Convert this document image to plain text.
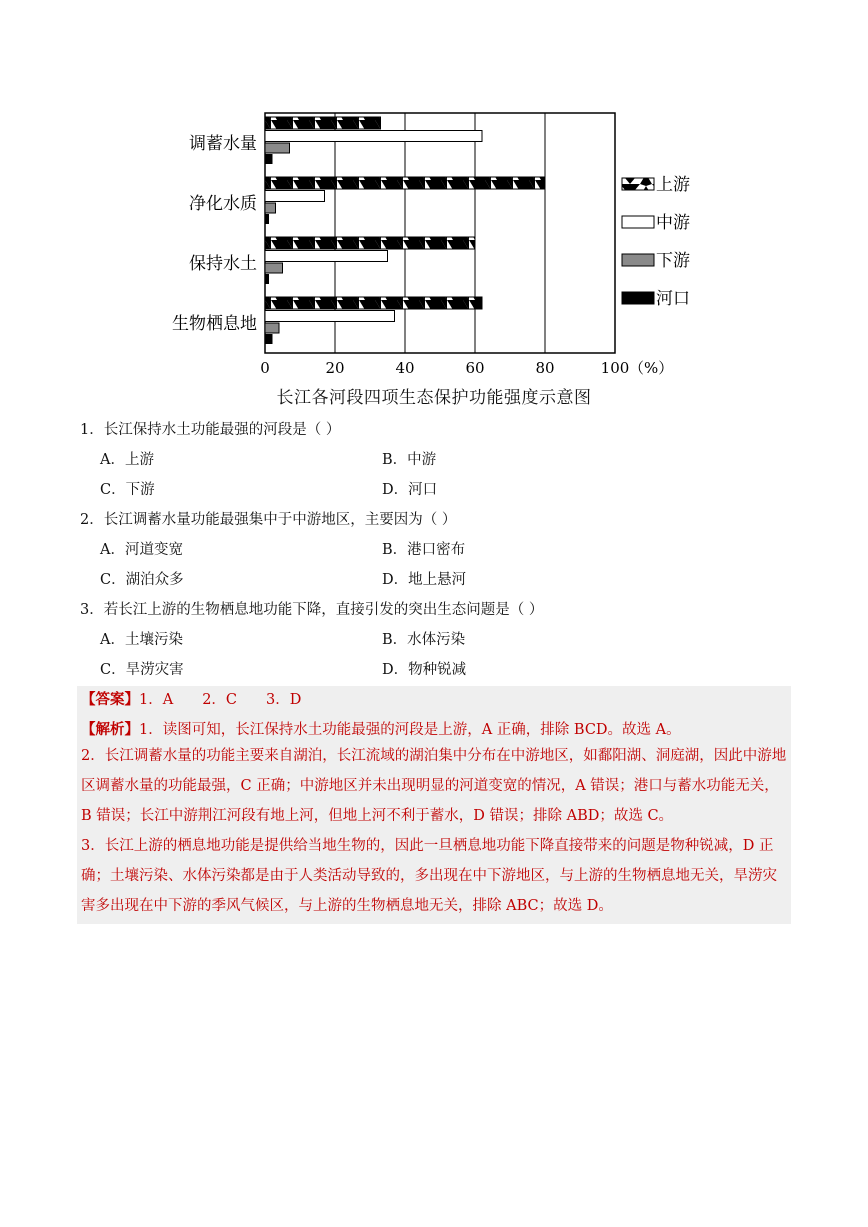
调蓄水量
净化水质
保持水土
生物栖息地
0	20	40	60	80	100 （%）
上游
中游
下游
河口
长江各河段四项生态保护功能强度示意图
1．长江保持水土功能最强的河段是（ ）
A．上游	B．中游
C．下游	D．河口
2．长江调蓄水量功能最强集中于中游地区，主要因为（ ）
A．河道变宽	B．港口密布
C．湖泊众多	D．地上悬河
3．若长江上游的生物栖息地功能下降，直接引发的突出生态问题是（ ）
A．土壤污染	B．水体污染
C．旱涝灾害	D．物种锐减
【答案】1．A　　2．C　　3．D
【解析】1．读图可知，长江保持水土功能最强的河段是上游，A 正确，排除 BCD。故选 A。
2．长江调蓄水量的功能主要来自湖泊，长江流域的湖泊集中分布在中游地区，如鄱阳湖、洞庭湖，因此中游地区调蓄水量的功能最强，C 正确；中游地区并未出现明显的河道变宽的情况，A 错误；港口与蓄水功能无关，B 错误；长江中游荆江河段有地上河，但地上河不利于蓄水，D 错误；排除 ABD；故选 C。
3．长江上游的栖息地功能是提供给当地生物的，因此一旦栖息地功能下降直接带来的问题是物种锐减，D 正确；土壤污染、水体污染都是由于人类活动导致的，多出现在中下游地区，与上游的生物栖息地无关，旱涝灾害多出现在中下游的季风气候区，与上游的生物栖息地无关，排除 ABC；故选 D。
